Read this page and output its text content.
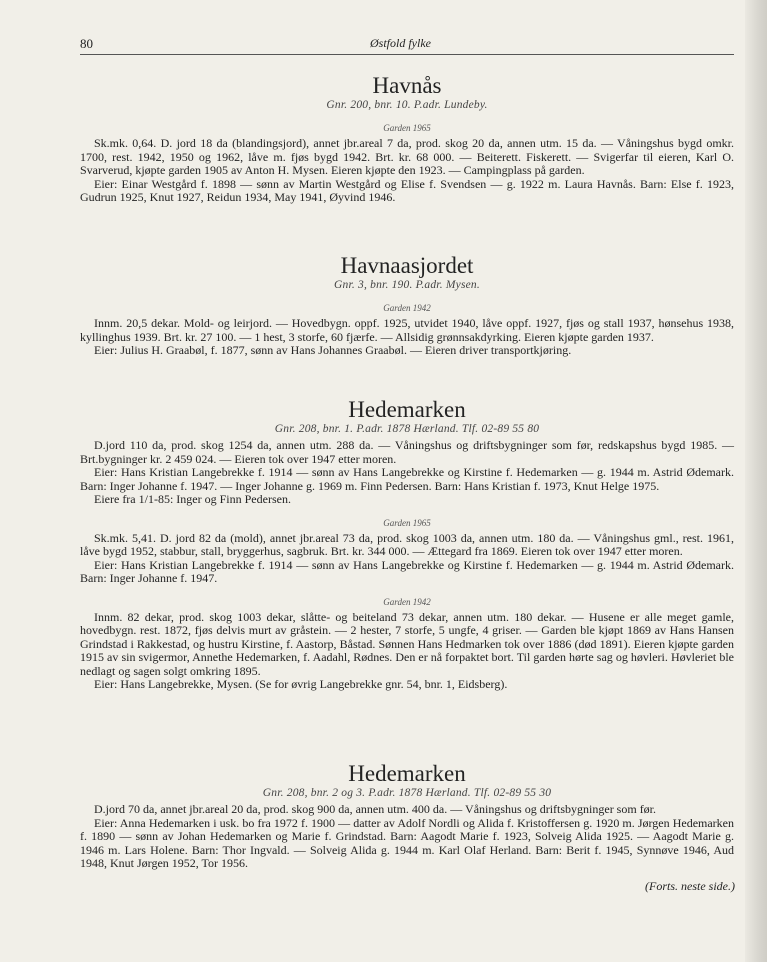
80	Østfold fylke
Havnås
Gnr. 200, bnr. 10. P.adr. Lundeby.
Garden 1965

Sk.mk. 0,64. D. jord 18 da (blandingsjord), annet jbr.areal 7 da, prod. skog 20 da, annen utm. 15 da. — Våningshus bygd omkr. 1700, rest. 1942, 1950 og 1962, låve m. fjøs bygd 1942. Brt. kr. 68 000. — Beiterett. Fiskerett. — Svigerfar til eieren, Karl O. Svarverud, kjøpte garden 1905 av Anton H. Mysen. Eieren kjøpte den 1923. — Campingplass på garden.

Eier: Einar Westgård f. 1898 — sønn av Martin Westgård og Elise f. Svendsen — g. 1922 m. Laura Havnås. Barn: Else f. 1923, Gudrun 1925, Knut 1927, Reidun 1934, May 1941, Øyvind 1946.

Havnaasjordet
Gnr. 3, bnr. 190. P.adr. Mysen.
Garden 1942

Innm. 20,5 dekar. Mold- og leirjord. — Hovedbygn. oppf. 1925, utvidet 1940, låve oppf. 1927, fjøs og stall 1937, hønsehus 1938, kyllinghus 1939. Brt. kr. 27 100. — 1 hest, 3 storfe, 60 fjærfe. — Allsidig grønnsakdyrking. Eieren kjøpte garden 1937.

Eier: Julius H. Graabøl, f. 1877, sønn av Hans Johannes Graabøl. — Eieren driver transportkjøring.

Hedemarken
Gnr. 208, bnr. 1. P.adr. 1878 Hærland. Tlf. 02-89 55 80

D.jord 110 da, prod. skog 1254 da, annen utm. 288 da. — Våningshus og driftsbygninger som før, redskapshus bygd 1985. — Brt.bygninger kr. 2 459 024. — Eieren tok over 1947 etter moren.

Eier: Hans Kristian Langebrekke f. 1914 — sønn av Hans Langebrekke og Kirstine f. Hedemarken — g. 1944 m. Astrid Ødemark. Barn: Inger Johanne f. 1947. — Inger Johanne g. 1969 m. Finn Pedersen. Barn: Hans Kristian f. 1973, Knut Helge 1975.

Eiere fra 1/1-85: Inger og Finn Pedersen.

Garden 1965

Sk.mk. 5,41. D. jord 82 da (mold), annet jbr.areal 73 da, prod. skog 1003 da, annen utm. 180 da. — Våningshus gml., rest. 1961, låve bygd 1952, stabbur, stall, bryggerhus, sagbruk. Brt. kr. 344 000. — Ættegard fra 1869. Eieren tok over 1947 etter moren.

Eier: Hans Kristian Langebrekke f. 1914 — sønn av Hans Langebrekke og Kirstine f. Hedemarken — g. 1944 m. Astrid Ødemark. Barn: Inger Johanne f. 1947.

Garden 1942

Innm. 82 dekar, prod. skog 1003 dekar, slåtte- og beiteland 73 dekar, annen utm. 180 dekar. — Husene er alle meget gamle, hovedbygn. rest. 1872, fjøs delvis murt av gråstein. — 2 hester, 7 storfe, 5 ungfe, 4 griser. — Garden ble kjøpt 1869 av Hans Hansen Grindstad i Rakkestad, og hustru Kirstine, f. Aastorp, Båstad. Sønnen Hans Hedmarken tok over 1886 (død 1891). Eieren kjøpte garden 1915 av sin svigermor, Annethe Hedemarken, f. Aadahl, Rødnes. Den er nå forpaktet bort. Til garden hørte sag og høvleri. Høvleriet ble nedlagt og sagen solgt omkring 1895.

Eier: Hans Langebrekke, Mysen. (Se for øvrig Langebrekke gnr. 54, bnr. 1, Eidsberg).

Hedemarken
Gnr. 208, bnr. 2 og 3. P.adr. 1878 Hærland. Tlf. 02-89 55 30

D.jord 70 da, annet jbr.areal 20 da, prod. skog 900 da, annen utm. 400 da. — Våningshus og driftsbygninger som før.

Eier: Anna Hedemarken i usk. bo fra 1972 f. 1900 — datter av Adolf Nordli og Alida f. Kristoffersen g. 1920 m. Jørgen Hedemarken f. 1890 — sønn av Johan Hedemarken og Marie f. Grindstad. Barn: Aagodt Marie f. 1923, Solveig Alida 1925. — Aagodt Marie g. 1946 m. Lars Holene. Barn: Thor Ingvald. — Solveig Alida g. 1944 m. Karl Olaf Herland. Barn: Berit f. 1945, Synnøve 1946, Aud 1948, Knut Jørgen 1952, Tor 1956.

(Forts. neste side.)
